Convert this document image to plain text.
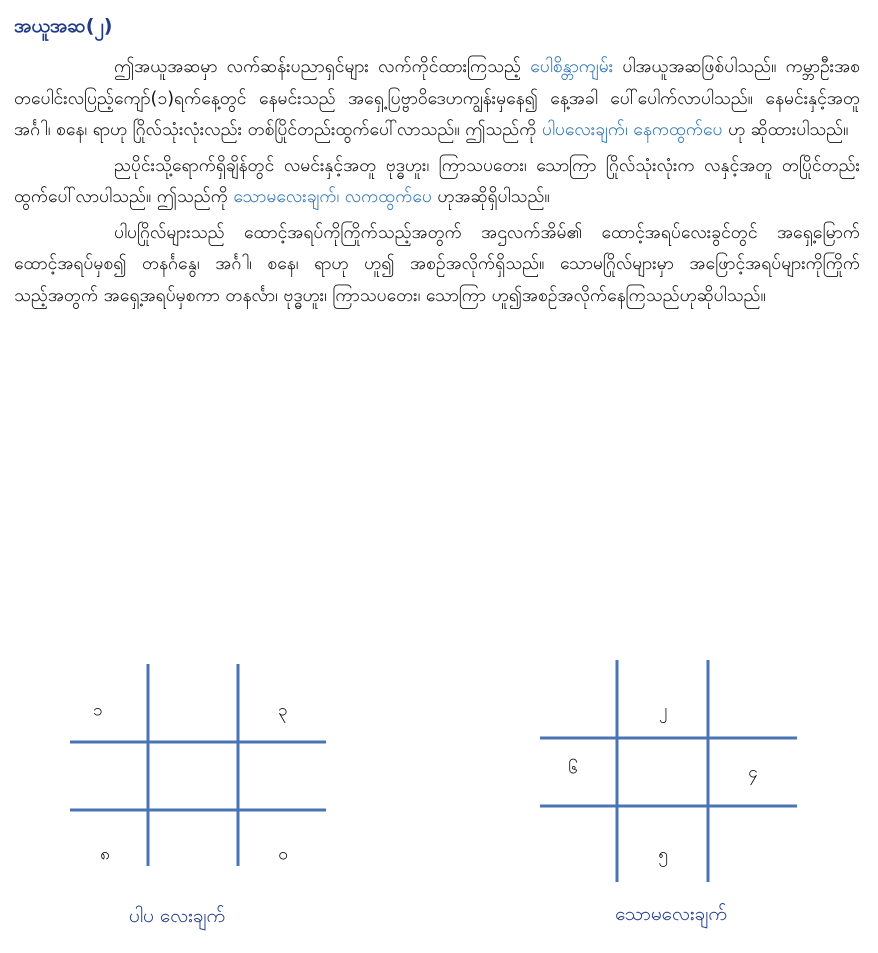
အယူအဆ(၂)

ဤအယူအဆမှာ လက်ဆန်းပညာရှင်များ လက်ကိုင်ထားကြသည့် ပေါစိန္တာကျမ်း ပါအယူအဆဖြစ်ပါသည်။ ကမ္ဘာဦးအစ တပေါင်းလပြည့်ကျော်(၁)ရက်နေ့တွင် နေမင်းသည် အရှေ့ပြဗ္ဗာဝိဒေဟကျွန်းမှနေ၍ နေ့အခါ ပေါ်ပေါက်လာပါသည်။ နေမင်းနှင့်အတူ အင်္ဂါ၊ စနေ၊ ရာဟု ဂြိုလ်သုံးလုံးလည်း တစ်ပြိုင်တည်းထွက်ပေါ်လာသည်။ ဤသည်ကို ပါပလေးချက်၊ နေကထွက်ပေ ဟု ဆိုထားပါသည်။

ညပိုင်းသို့ရောက်ရှိချိန်တွင် လမင်းနှင့်အတူ ဗုဒ္ဓဟူး၊ ကြာသပတေး၊ သောကြာ ဂြိုလ်သုံးလုံးက လနှင့်အတူ တပြိုင်တည်းထွက်ပေါ်လာပါသည်။ ဤသည်ကို သောမလေးချက်၊ လကထွက်ပေ ဟုအဆိုရှိပါသည်။

ပါပဂြိုလ်များသည် ထောင့်အရပ်ကိုကြိုက်သည့်အတွက် အဌလက်အိမ်၏ ထောင့်အရပ်လေးခွင်တွင် အရှေ့မြောက်ထောင့်အရပ်မှစ၍ တနင်္ဂနွေ၊ အင်္ဂါ၊ စနေ၊ ရာဟု ဟူ၍ အစဉ်အလိုက်ရှိသည်။ သောမဂြိုလ်များမှာ အဖြောင့်အရပ်များကိုကြိုက်သည့်အတွက် အရှေ့အရပ်မှစကာ တနင်္လာ၊ ဗုဒ္ဓဟူး၊ ကြာသပတေး၊ သောကြာ ဟူ၍အစဉ်အလိုက်နေကြသည်ဟုဆိုပါသည်။

၁	၃
၈	၀
ပါပ လေးချက်
၂
၆	၄
၅
သောမလေးချက်
